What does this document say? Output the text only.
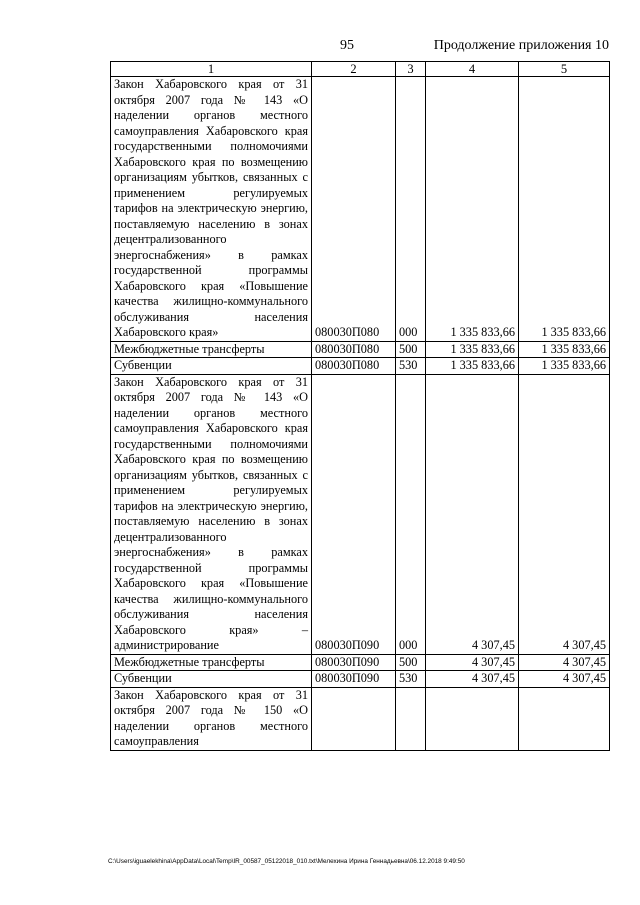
95	Продолжение приложения 10
1	2	3	4	5
Закон Хабаровского края от 31 октября 2007 года № 143 «О наделении органов местного самоуправления Хабаровского края государственными полномочиями Хабаровского края по возмещению организациям убытков, связанных с применением регулируемых тарифов на электрическую энергию, поставляемую населению в зонах децентрализованного энергоснабжения» в рамках государственной программы Хабаровского края «Повышение качества жилищно-коммунального обслуживания населения Хабаровского края»	080030П080	000	1 335 833,66	1 335 833,66
Межбюджетные трансферты	080030П080	500	1 335 833,66	1 335 833,66
Субвенции	080030П080	530	1 335 833,66	1 335 833,66
Закон Хабаровского края от 31 октября 2007 года № 143 «О наделении органов местного самоуправления Хабаровского края государственными полномочиями Хабаровского края по возмещению организациям убытков, связанных с применением регулируемых тарифов на электрическую энергию, поставляемую населению в зонах децентрализованного энергоснабжения» в рамках государственной программы Хабаровского края «Повышение качества жилищно-коммунального обслуживания населения Хабаровского края» – администрирование	080030П090	000	4 307,45	4 307,45
Межбюджетные трансферты	080030П090	500	4 307,45	4 307,45
Субвенции	080030П090	530	4 307,45	4 307,45
Закон Хабаровского края от 31 октября 2007 года № 150 «О наделении органов местного самоуправления				
C:\Users\iguaelekhina\AppData\Local\Temp\IR_00587_05122018_010.txt\Мелехина Ирина Геннадьевна\06.12.2018 9:49:50
